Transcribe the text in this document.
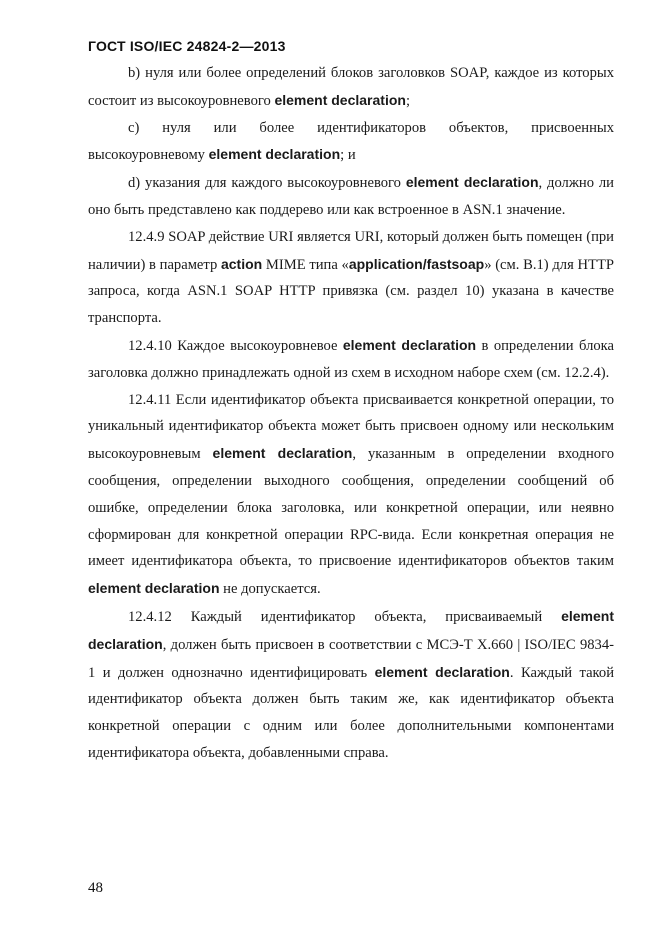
ГОСТ ISO/IEC 24824-2—2013

b) нуля или более определений блоков заголовков SOAP, каждое из которых состоит из высокоуровневого element declaration;

c) нуля или более идентификаторов объектов, присвоенных высокоуровневому element declaration; и

d) указания для каждого высокоуровневого element declaration, должно ли оно быть представлено как поддерево или как встроенное в ASN.1 значение.

12.4.9 SOAP действие URI является URI, который должен быть помещен (при наличии) в параметр action MIME типа «application/fastsoap» (см. В.1) для HTTP запроса, когда ASN.1 SOAP HTTP привязка (см. раздел 10) указана в качестве транспорта.

12.4.10 Каждое высокоуровневое element declaration в определении блока заголовка должно принадлежать одной из схем в исходном наборе схем (см. 12.2.4).

12.4.11 Если идентификатор объекта присваивается конкретной операции, то уникальный идентификатор объекта может быть присвоен одному или нескольким высокоуровневым element declaration, указанным в определении входного сообщения, определении выходного сообщения, определении сообщений об ошибке, определении блока заголовка, или конкретной операции, или неявно сформирован для конкретной операции RPC-вида. Если конкретная операция не имеет идентификатора объекта, то присвоение идентификаторов объектов таким element declaration не допускается.

12.4.12 Каждый идентификатор объекта, присваиваемый element declaration, должен быть присвоен в соответствии с МСЭ-Т Х.660 | ISO/IEC 9834-1 и должен однозначно идентифицировать element declaration. Каждый такой идентификатор объекта должен быть таким же, как идентификатор объекта конкретной операции с одним или более дополнительными компонентами идентификатора объекта, добавленными справа.

48
